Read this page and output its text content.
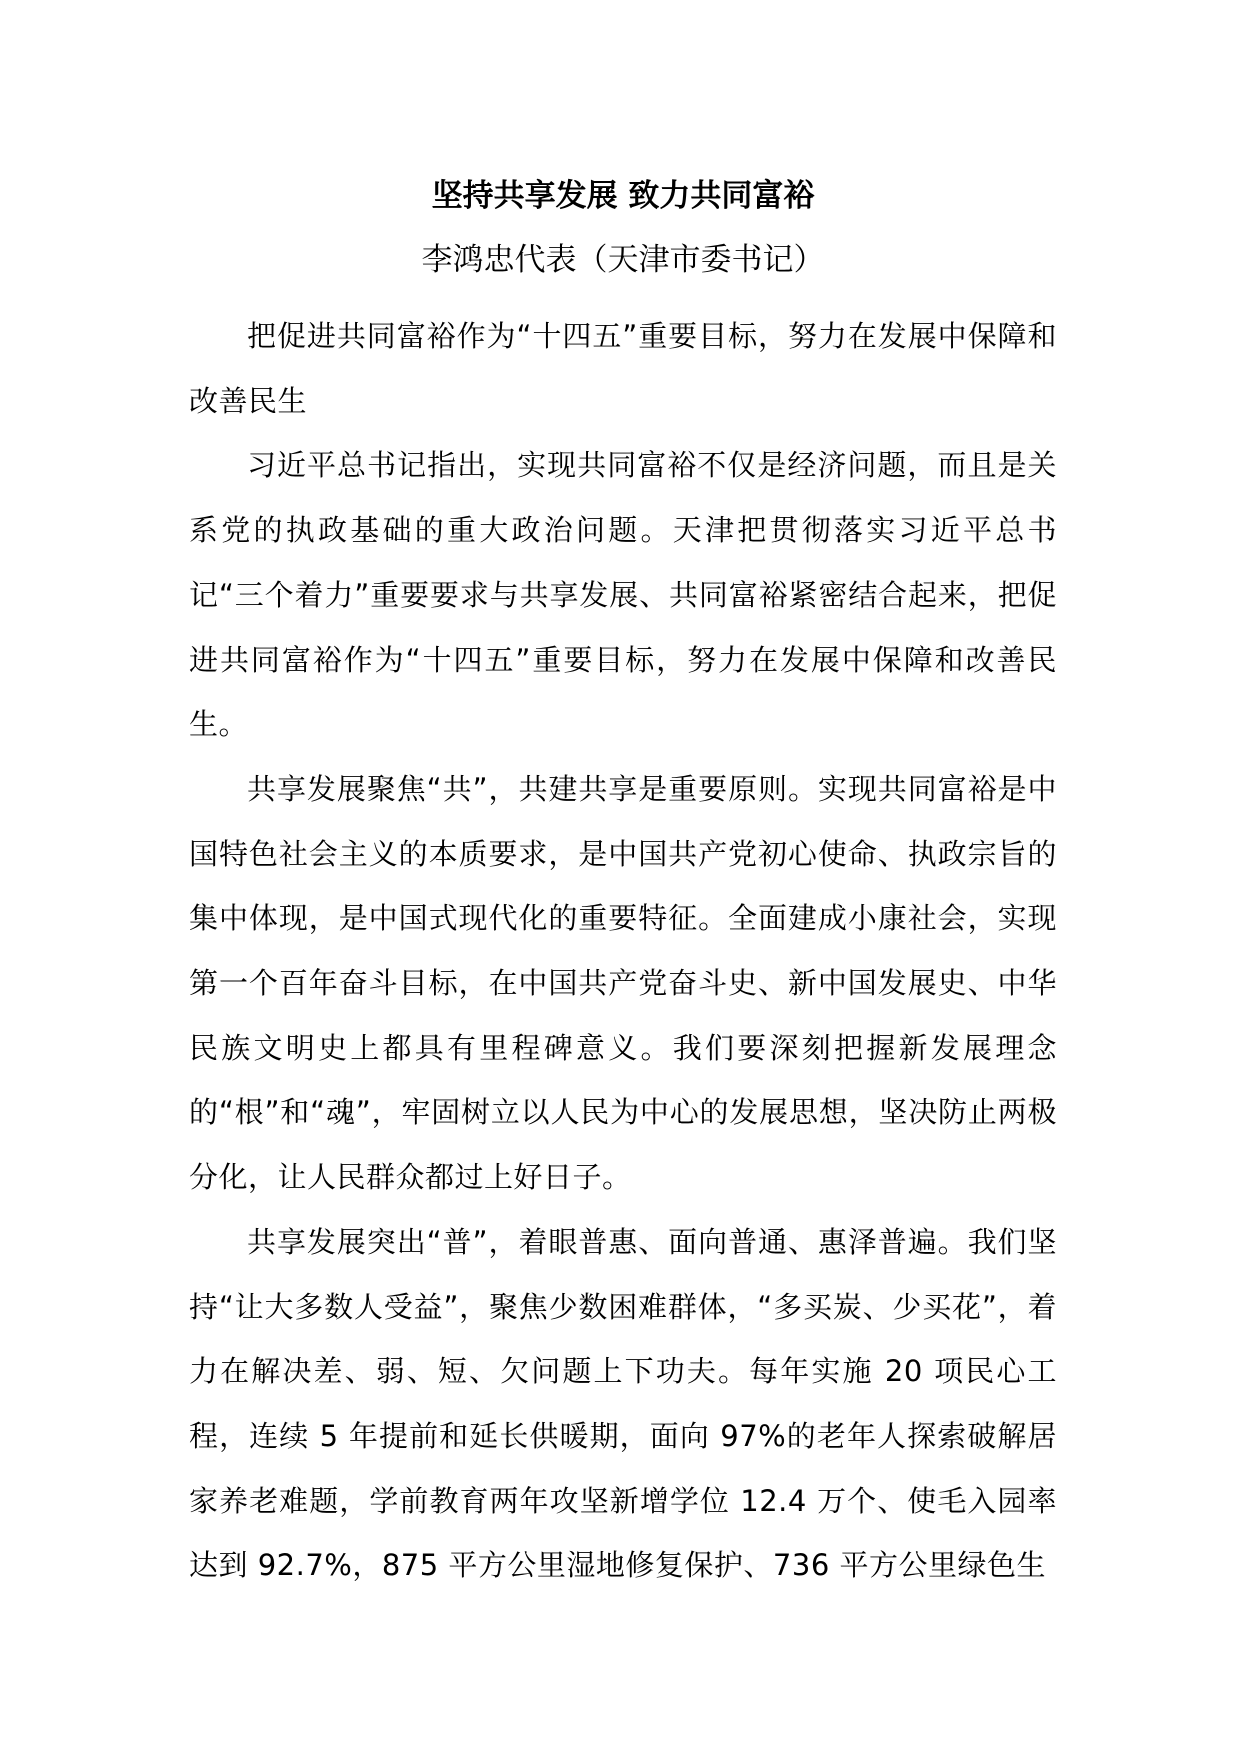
坚持共享发展 致力共同富裕

李鸿忠代表（天津市委书记）

把促进共同富裕作为“十四五”重要目标，努力在发展中保障和改善民生

习近平总书记指出，实现共同富裕不仅是经济问题，而且是关系党的执政基础的重大政治问题。天津把贯彻落实习近平总书记“三个着力”重要要求与共享发展、共同富裕紧密结合起来，把促进共同富裕作为“十四五”重要目标，努力在发展中保障和改善民生。

共享发展聚焦“共”，共建共享是重要原则。实现共同富裕是中国特色社会主义的本质要求，是中国共产党初心使命、执政宗旨的集中体现，是中国式现代化的重要特征。全面建成小康社会，实现第一个百年奋斗目标，在中国共产党奋斗史、新中国发展史、中华民族文明史上都具有里程碑意义。我们要深刻把握新发展理念的“根”和“魂”，牢固树立以人民为中心的发展思想，坚决防止两极分化，让人民群众都过上好日子。

共享发展突出“普”，着眼普惠、面向普通、惠泽普遍。我们坚持“让大多数人受益”，聚焦少数困难群体，“多买炭、少买花”，着力在解决差、弱、短、欠问题上下功夫。每年实施 20 项民心工程，连续 5 年提前和延长供暖期，面向 97%的老年人探索破解居家养老难题，学前教育两年攻坚新增学位 12.4 万个、使毛入园率达到 92.7%，875 平方公里湿地修复保护、736 平方公里绿色生
